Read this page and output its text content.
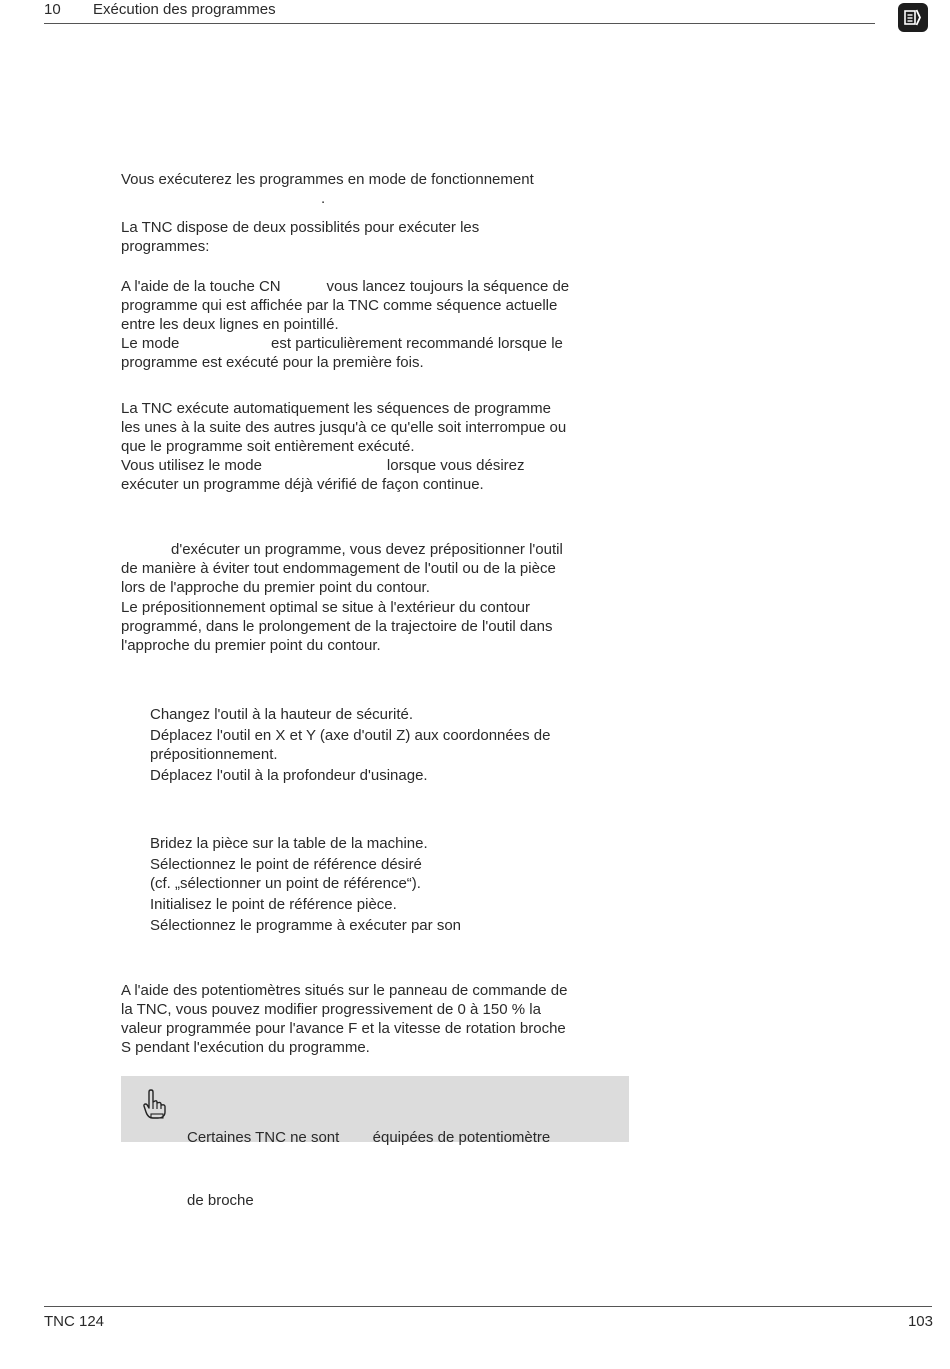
10 Exécution des programmes
Vous exécuterez les programmes en mode de fonctionnement
.
La TNC dispose de deux possiblités pour exécuter les
programmes:
A l'aide de la touche CN           vous lancez toujours la séquence de
programme qui est affichée par la TNC comme séquence actuelle
entre les deux lignes en pointillé.
Le mode                      est particulièrement recommandé lorsque le
programme est exécuté pour la première fois.
La TNC exécute automatiquement les séquences de programme
les unes à la suite des autres jusqu'à ce qu'elle soit interrompue ou
que le programme soit entièrement exécuté.
Vous utilisez le mode                              lorsque vous désirez
exécuter un programme déjà vérifié de façon continue.
d'exécuter un programme, vous devez prépositionner l'outil
de manière à éviter tout endommagement de l'outil ou de la pièce
lors de l'approche du premier point du contour.
Le prépositionnement optimal se situe à l'extérieur du contour
programmé, dans le prolongement de la trajectoire de l'outil dans
l'approche du premier point du contour.
Changez l'outil à la hauteur de sécurité.
Déplacez l'outil en X et Y (axe d'outil Z) aux coordonnées de
prépositionnement.
Déplacez l'outil à la profondeur d'usinage.
Bridez la pièce sur la table de la machine.
Sélectionnez le point de référence désiré
(cf. „sélectionner un point de référence“).
Initialisez le point de référence pièce.
Sélectionnez le programme à exécuter par son
A l'aide des potentiomètres situés sur le panneau de commande de
la TNC, vous pouvez modifier progressivement de 0 à 150 % la
valeur programmée pour l'avance F et la vitesse de rotation broche
S pendant l'exécution du programme.

Certaines TNC ne sont        équipées de potentiomètre

de broche

TNC 124	103
